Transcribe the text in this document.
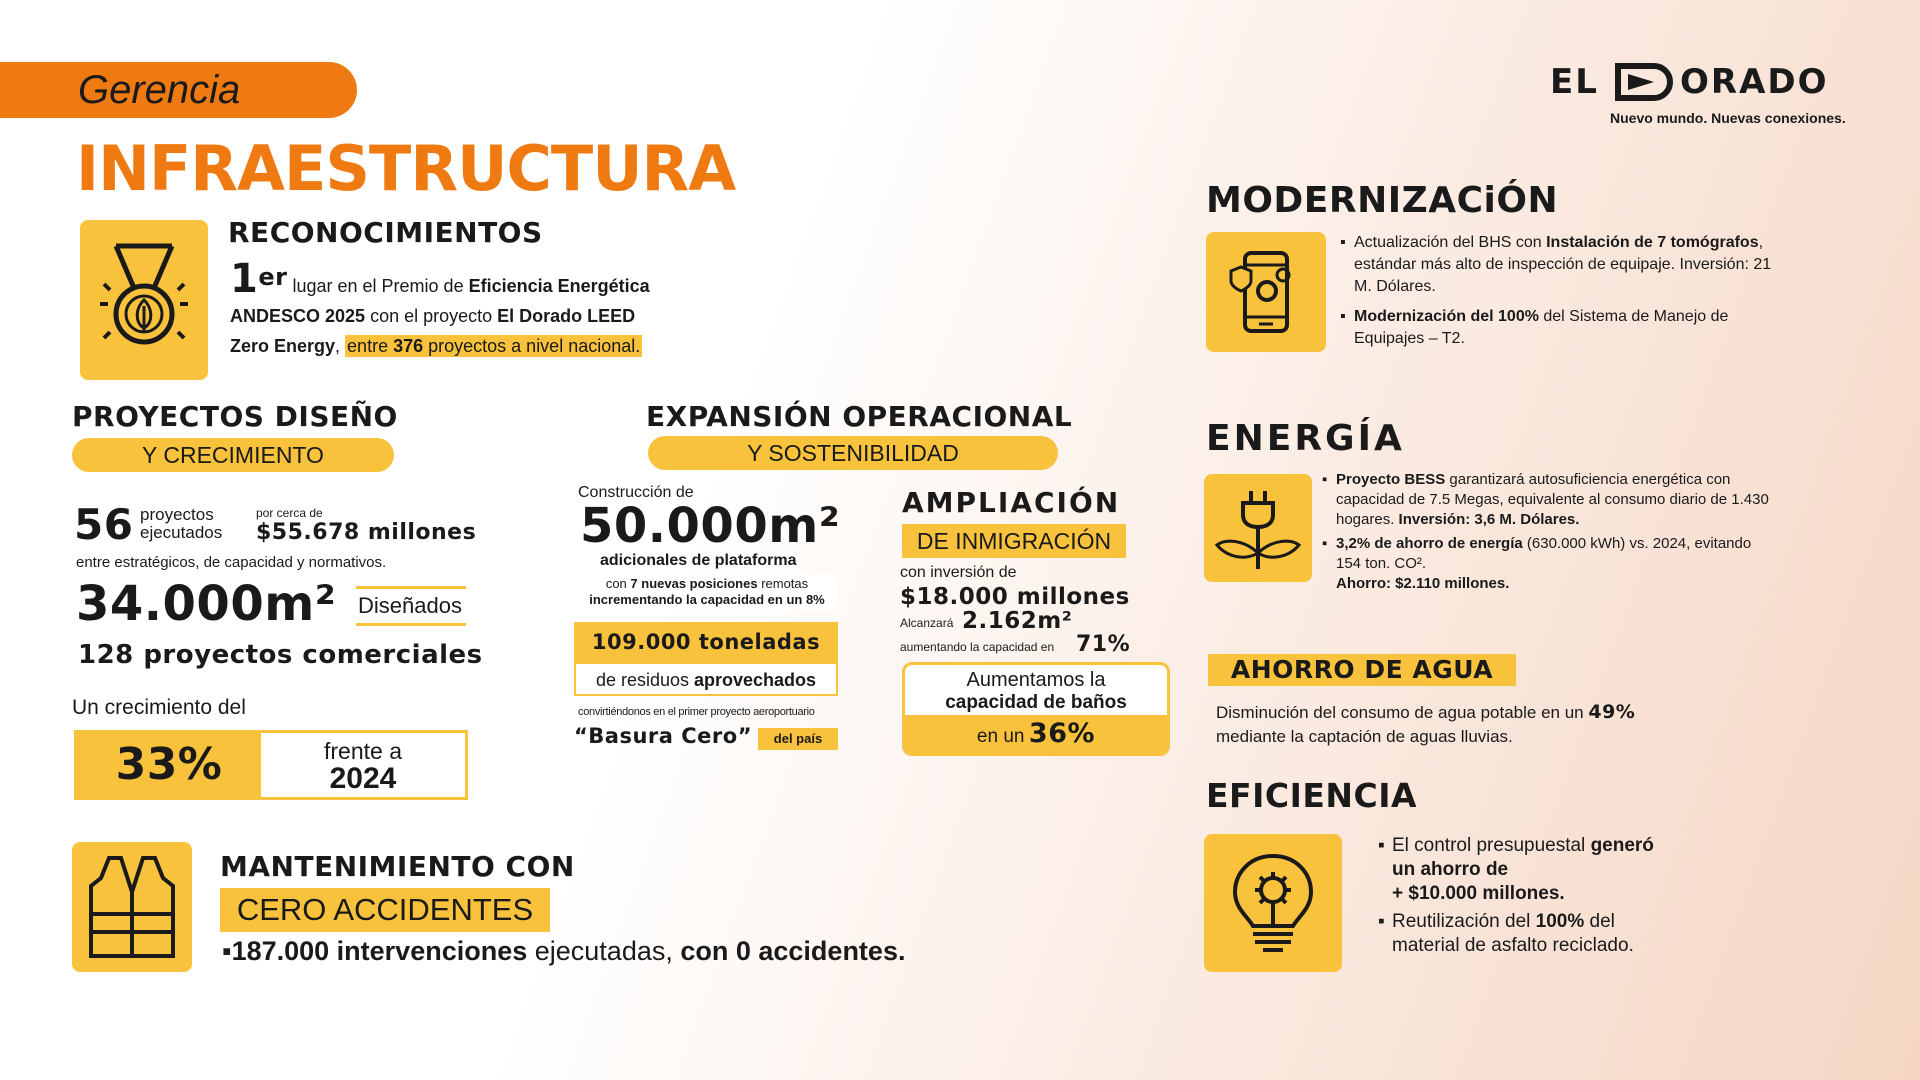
Gerencia
INFRAESTRUCTURA
EL ORADO
Nuevo mundo. Nuevas conexiones.
RECONOCIMIENTOS
1er lugar en el Premio de Eficiencia Energética
ANDESCO 2025 con el proyecto El Dorado LEED
Zero Energy, entre 376 proyectos a nivel nacional.
PROYECTOS DISEÑO
Y CRECIMIENTO
56 proyectos
ejecutados
por cerca de
$55.678 millones
entre estratégicos, de capacidad y normativos.
34.000m² Diseñados
128 proyectos comerciales
Un crecimiento del
33%	frente a
2024
EXPANSIÓN OPERACIONAL
Y SOSTENIBILIDAD
Construcción de
50.000m²
adicionales de plataforma
con 7 nuevas posiciones remotas
incrementando la capacidad en un 8%
109.000 toneladas
de residuos aprovechados
convirtiéndonos en el primer proyecto aeroportuario
“Basura Cero”	del país
AMPLIACIÓN
DE INMIGRACIÓN
con inversión de
$18.000 millones
Alcanzará 2.162m²
aumentando la capacidad en 71%
Aumentamos la
capacidad de baños
en un 36%
MANTENIMIENTO CON
CERO ACCIDENTES
▪187.000 intervenciones ejecutadas, con 0 accidentes.
MODERNIZACiÓN
▪ Actualización del BHS con Instalación de 7 tomógrafos, estándar más alto de inspección de equipaje. Inversión: 21 M. Dólares.
▪ Modernización del 100% del Sistema de Manejo de Equipajes – T2.
ENERGÍA
▪ Proyecto BESS garantizará autosuficiencia energética con capacidad de 7.5 Megas, equivalente al consumo diario de 1.430 hogares. Inversión: 3,6 M. Dólares.
▪ 3,2% de ahorro de energía (630.000 kWh) vs. 2024, evitando 154 ton. CO².
Ahorro: $2.110 millones.
AHORRO DE AGUA
Disminución del consumo de agua potable en un 49%
mediante la captación de aguas lluvias.
EFICIENCIA
▪ El control presupuestal generó
un ahorro de
+ $10.000 millones.
▪ Reutilización del 100% del
material de asfalto reciclado.
